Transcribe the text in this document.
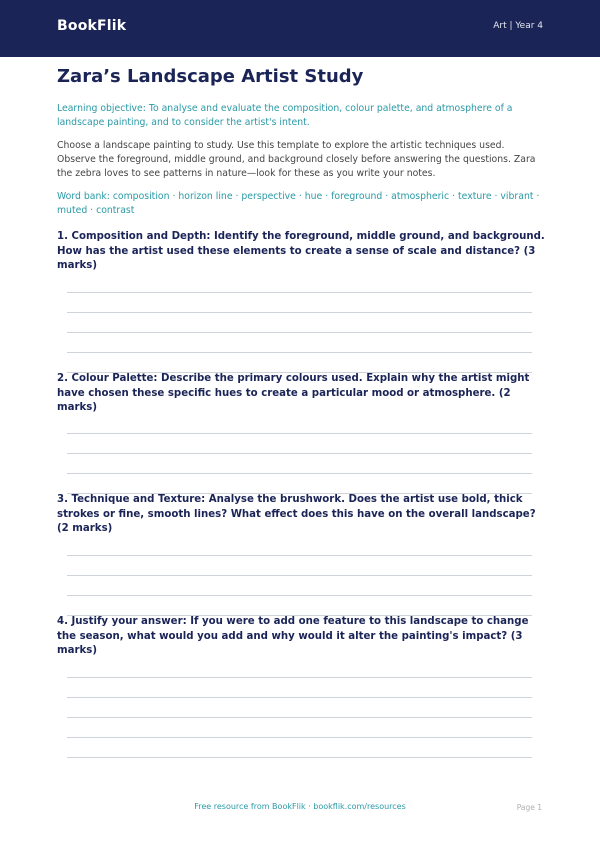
BookFlik	Art | Year 4
Zara’s Landscape Artist Study
Learning objective: To analyse and evaluate the composition, colour palette, and atmosphere of a landscape painting, and to consider the artist's intent.
Choose a landscape painting to study. Use this template to explore the artistic techniques used. Observe the foreground, middle ground, and background closely before answering the questions. Zara the zebra loves to see patterns in nature—look for these as you write your notes.
Word bank: composition · horizon line · perspective · hue · foreground · atmospheric · texture · vibrant · muted · contrast

1. Composition and Depth: Identify the foreground, middle ground, and background. How has the artist used these elements to create a sense of scale and distance? (3 marks)

2. Colour Palette: Describe the primary colours used. Explain why the artist might have chosen these specific hues to create a particular mood or atmosphere. (2 marks)

3. Technique and Texture: Analyse the brushwork. Does the artist use bold, thick strokes or fine, smooth lines? What effect does this have on the overall landscape? (2 marks)

4. Justify your answer: If you were to add one feature to this landscape to change the season, what would you add and why would it alter the painting's impact? (3 marks)

Free resource from BookFlik · bookflik.com/resources	Page 1
